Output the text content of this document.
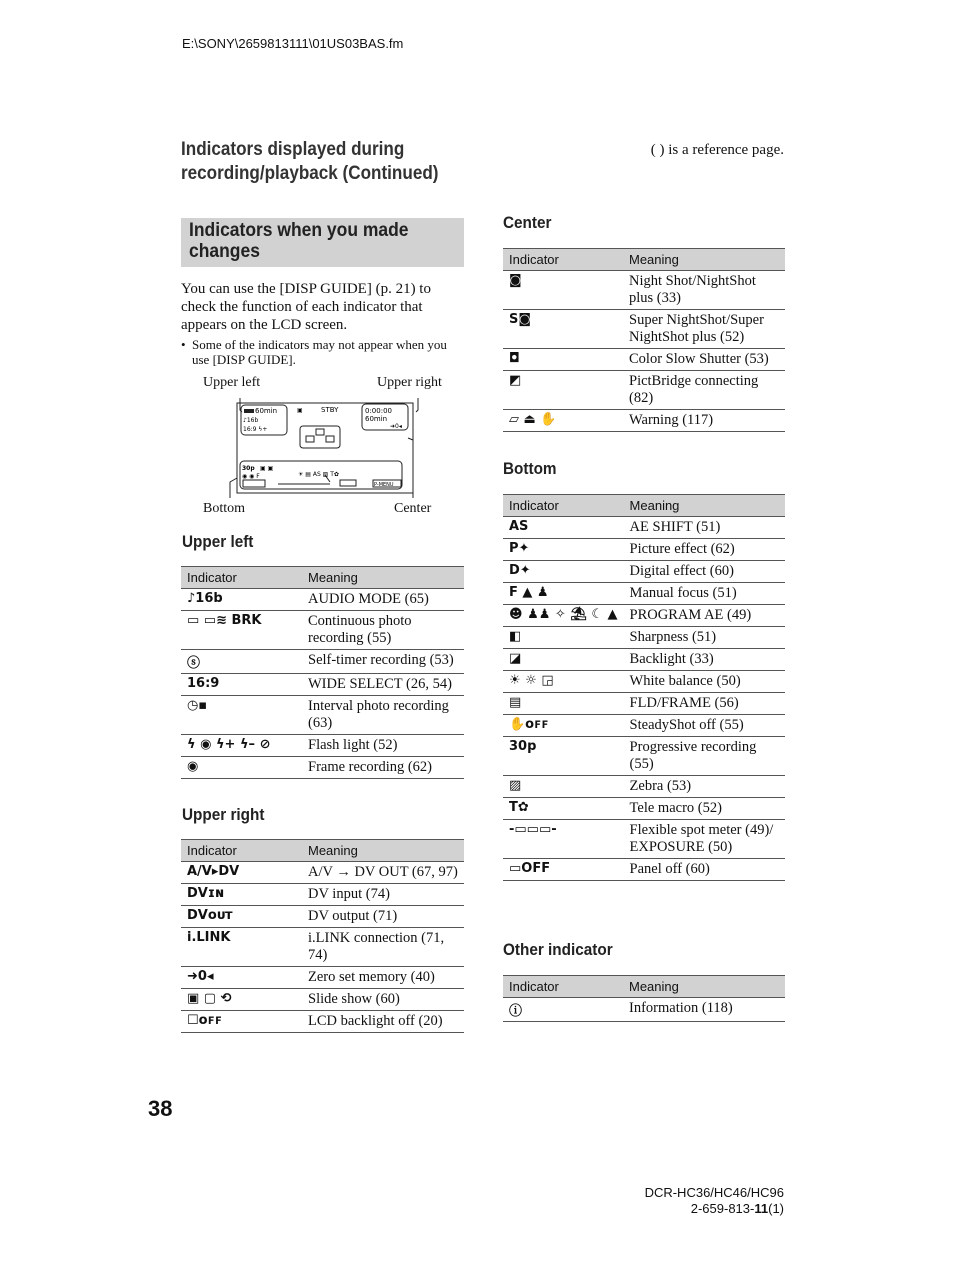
E:\SONY\2659813111\01US03BAS.fm
Indicators displayed during recording/playback (Continued)
( ) is a reference page.
Indicators when you made changes
You can use the [DISP GUIDE] (p. 21) to check the function of each indicator that appears on the LCD screen.
• Some of the indicators may not appear when you use [DISP GUIDE].
Upper left	Upper right
Bottom	Center
60min
♪16b
16:9 ϟ+
▣	STBY	0:00:00
60min
➜0◂
30p ▣ ▣
☀ ▤ AS ▨ T✿
◉ ◉ F
P-MENU
Upper left
Indicator	Meaning
♪16b	AUDIO MODE (65)
▭ ▭≋ BRK	Continuous photo recording (55)
ⓢ	Self-timer recording (53)
16:9	WIDE SELECT (26, 54)
◷▪	Interval photo recording (63)
ϟ ◉ ϟ+ ϟ– ⊘	Flash light (52)
◉	Frame recording (62)
Upper right
Indicator	Meaning
A/V▸DV	A/V → DV OUT (67, 97)
DVɪɴ	DV input (74)
DVᴏᴜᴛ	DV output (71)
i.LINK	i.LINK connection (71, 74)
➜0◂	Zero set memory (40)
▣ ▢ ⟲	Slide show (60)
☐ᴏꜰꜰ	LCD backlight off (20)
Center
Indicator	Meaning
◙	Night Shot/NightShot plus (33)
S◙	Super NightShot/Super NightShot plus (52)
◘	Color Slow Shutter (53)
◩	PictBridge connecting (82)
▱ ⏏ ✋	Warning (117)
Bottom
Indicator	Meaning
AS	AE SHIFT (51)
P✦	Picture effect (62)
D✦	Digital effect (60)
F ▲ ♟	Manual focus (51)
☻ ♟♟ ✧ ⛱ ☾ ▲	PROGRAM AE (49)
◧	Sharpness (51)
◪	Backlight (33)
☀ ☼ ◲	White balance (50)
▤	FLD/FRAME (56)
✋ᴏꜰꜰ	SteadyShot off (55)
30p	Progressive recording (55)
▨	Zebra (53)
T✿	Tele macro (52)
-▭▭▭-	Flexible spot meter (49)/ EXPOSURE (50)
▭OFF	Panel off (60)
Other indicator
Indicator	Meaning
ⓘ	Information (118)
38
DCR-HC36/HC46/HC96
2-659-813-11(1)
